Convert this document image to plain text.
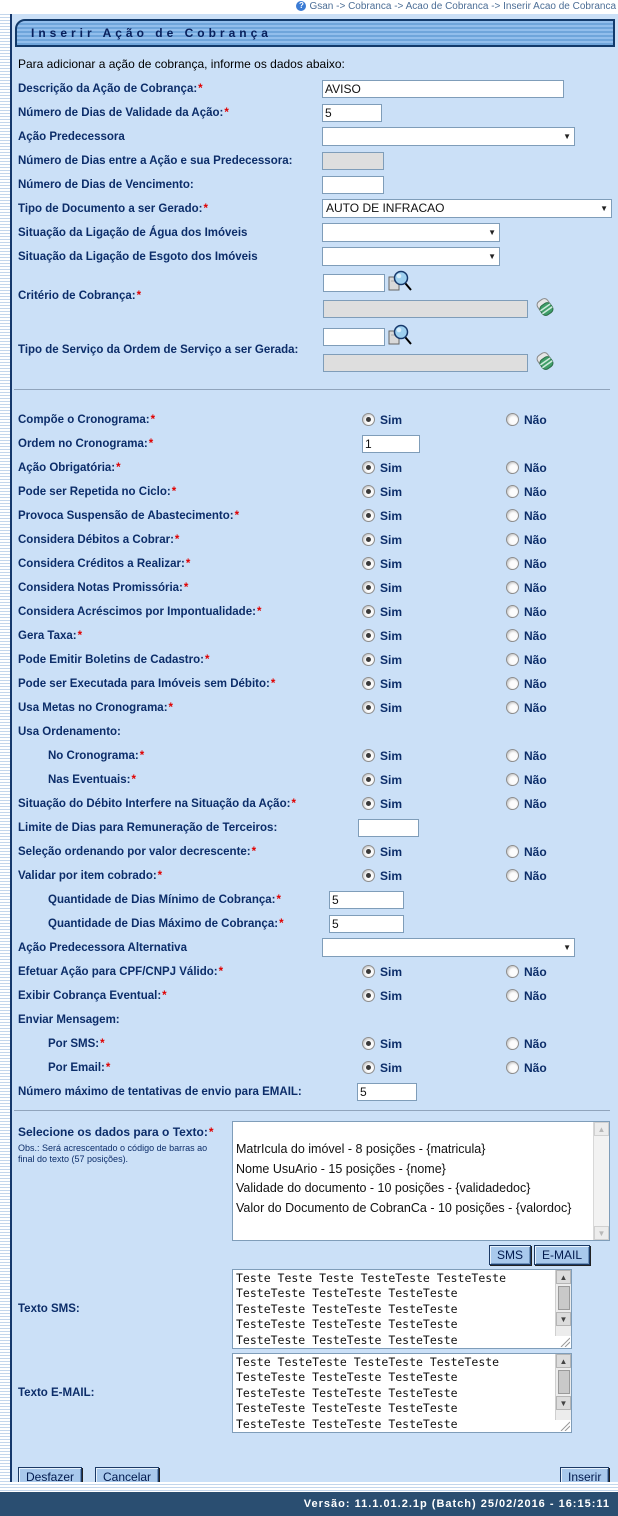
? Gsan -> Cobranca -> Acao de Cobranca -> Inserir Acao de Cobranca
Inserir Ação de Cobrança
Para adicionar a ação de cobrança, informe os dados abaixo:
Descrição da Ação de Cobrança:*
AVISO
Número de Dias de Validade da Ação:*
5
Ação Predecessora	▼
Número de Dias entre a Ação e sua Predecessora:
Número de Dias de Vencimento:
Tipo de Documento a ser Gerado:*	AUTO DE INFRACAO	▼
Situação da Ligação de Água dos Imóveis	▼
Situação da Ligação de Esgoto dos Imóveis	▼
Critério de Cobrança:*
Tipo de Serviço da Ordem de Serviço a ser Gerada:
Compõe o Cronograma:*	Sim	Não
Ordem no Cronograma:*
1
Ação Obrigatória:*	Sim	Não
Pode ser Repetida no Ciclo:*	Sim	Não
Provoca Suspensão de Abastecimento:*	Sim	Não
Considera Débitos a Cobrar:*	Sim	Não
Considera Créditos a Realizar:*	Sim	Não
Considera Notas Promissória:*	Sim	Não
Considera Acréscimos por Impontualidade:*	Sim	Não
Gera Taxa:*	Sim	Não
Pode Emitir Boletins de Cadastro:*	Sim	Não
Pode ser Executada para Imóveis sem Débito:*	Sim	Não
Usa Metas no Cronograma:*	Sim	Não
Usa Ordenamento:
No Cronograma:*	Sim	Não
Nas Eventuais:*	Sim	Não
Situação do Débito Interfere na Situação da Ação:*	Sim	Não
Limite de Dias para Remuneração de Terceiros:
Seleção ordenando por valor decrescente:*	Sim	Não
Validar por item cobrado:*	Sim	Não
Quantidade de Dias Mínimo de Cobrança:*
5
Quantidade de Dias Máximo de Cobrança:*
5
Ação Predecessora Alternativa	▼
Efetuar Ação para CPF/CNPJ Válido:*	Sim	Não
Exibir Cobrança Eventual:*	Sim	Não
Enviar Mensagem:
Por SMS:*	Sim	Não
Por Email:*	Sim	Não
Número máximo de tentativas de envio para EMAIL:
5
Selecione os dados para o Texto:*
Obs.: Será acrescentado o código de barras ao final do texto (57 posições).
MatrIcula do imóvel - 8 posições - {matricula}
Nome UsuArio - 15 posições - {nome}
Validade do documento - 10 posições - {validadedoc}
Valor do Documento de CobranCa - 10 posições - {valordoc}
▲
▼
SMS	E-MAIL
Texto SMS:
Teste Teste Teste TesteTeste TesteTeste TesteTeste TesteTeste TesteTeste TesteTeste TesteTeste TesteTeste TesteTeste TesteTeste TesteTeste TesteTeste TesteTeste TesteTeste
▲
▼
Texto E-MAIL:
Teste TesteTeste TesteTeste TesteTeste TesteTeste TesteTeste TesteTeste TesteTeste TesteTeste TesteTeste TesteTeste TesteTeste TesteTeste TesteTeste TesteTeste TesteTeste
▲
▼
Desfazer	Cancelar	Inserir
Versão: 11.1.01.2.1p (Batch) 25/02/2016 - 16:15:11
